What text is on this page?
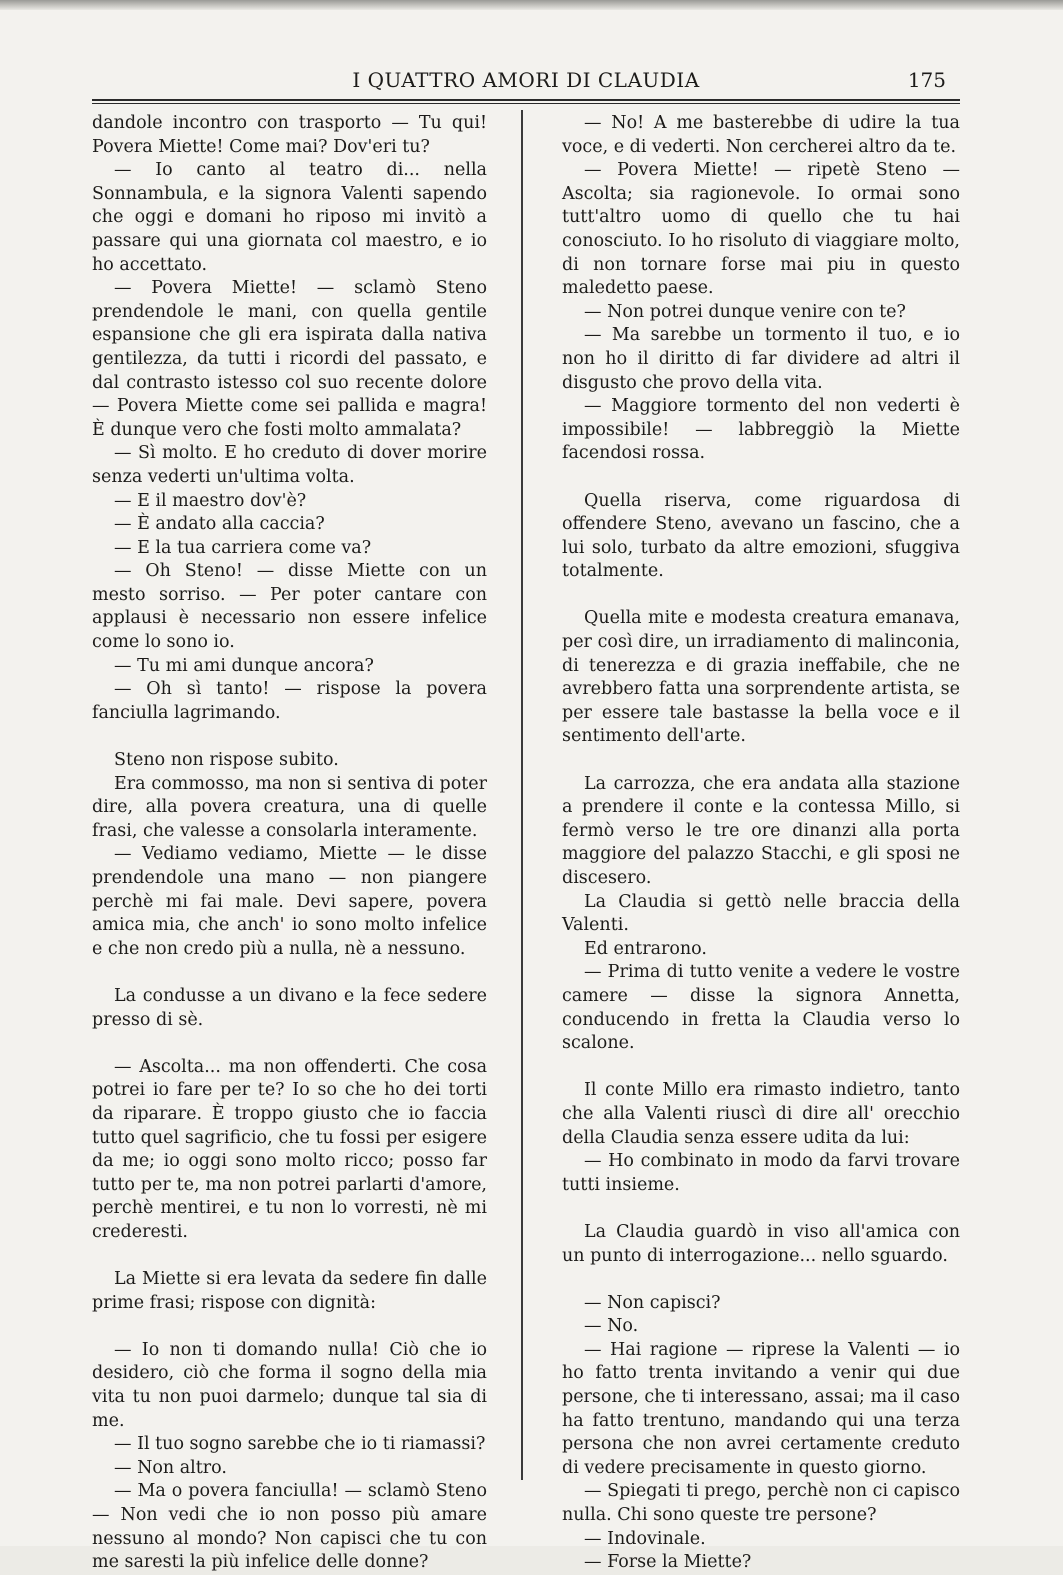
I QUATTRO AMORI DI CLAUDIA	175

dandole incontro con trasporto — Tu qui! Povera Miette! Come mai? Dov'eri tu?

— Io canto al teatro di... nella Sonnambula, e la signora Valenti sapendo che oggi e domani ho riposo mi invitò a passare qui una giornata col maestro, e io ho accettato.

— Povera Miette! — sclamò Steno prendendole le mani, con quella gentile espansione che gli era ispirata dalla nativa gentilezza, da tutti i ricordi del passato, e dal contrasto istesso col suo recente dolore — Povera Miette come sei pallida e magra! È dunque vero che fosti molto ammalata?

— Sì molto. E ho creduto di dover morire senza vederti un'ultima volta.

— E il maestro dov'è?

— È andato alla caccia?

— E la tua carriera come va?

— Oh Steno! — disse Miette con un mesto sorriso. — Per poter cantare con applausi è necessario non essere infelice come lo sono io.

— Tu mi ami dunque ancora?

— Oh sì tanto! — rispose la povera fanciulla lagrimando.

Steno non rispose subito.

Era commosso, ma non si sentiva di poter dire, alla povera creatura, una di quelle frasi, che valesse a consolarla interamente.

— Vediamo vediamo, Miette — le disse prendendole una mano — non piangere perchè mi fai male. Devi sapere, povera amica mia, che anch' io sono molto infelice e che non credo più a nulla, nè a nessuno.

La condusse a un divano e la fece sedere presso di sè.

— Ascolta... ma non offenderti. Che cosa potrei io fare per te? Io so che ho dei torti da riparare. È troppo giusto che io faccia tutto quel sagrificio, che tu fossi per esigere da me; io oggi sono molto ricco; posso far tutto per te, ma non potrei parlarti d'amore, perchè mentirei, e tu non lo vorresti, nè mi crederesti.

La Miette si era levata da sedere fin dalle prime frasi; rispose con dignità:

— Io non ti domando nulla! Ciò che io desidero, ciò che forma il sogno della mia vita tu non puoi darmelo; dunque tal sia di me.

— Il tuo sogno sarebbe che io ti riamassi?

— Non altro.

— Ma o povera fanciulla! — sclamò Steno — Non vedi che io non posso più amare nessuno al mondo? Non capisci che tu con me saresti la più infelice delle donne?

— No! A me basterebbe di udire la tua voce, e di vederti. Non cercherei altro da te.

— Povera Miette! — ripetè Steno — Ascolta; sia ragionevole. Io ormai sono tutt'altro uomo di quello che tu hai conosciuto. Io ho risoluto di viaggiare molto, di non tornare forse mai piu in questo maledetto paese.

— Non potrei dunque venire con te?

— Ma sarebbe un tormento il tuo, e io non ho il diritto di far dividere ad altri il disgusto che provo della vita.

— Maggiore tormento del non vederti è impossibile! — labbreggiò la Miette facendosi rossa.

Quella riserva, come riguardosa di offendere Steno, avevano un fascino, che a lui solo, turbato da altre emozioni, sfuggiva totalmente.

Quella mite e modesta creatura emanava, per così dire, un irradiamento di malinconia, di tenerezza e di grazia ineffabile, che ne avrebbero fatta una sorprendente artista, se per essere tale bastasse la bella voce e il sentimento dell'arte.

La carrozza, che era andata alla stazione a prendere il conte e la contessa Millo, si fermò verso le tre ore dinanzi alla porta maggiore del palazzo Stacchi, e gli sposi ne discesero.

La Claudia si gettò nelle braccia della Valenti.

Ed entrarono.

— Prima di tutto venite a vedere le vostre camere — disse la signora Annetta, conducendo in fretta la Claudia verso lo scalone.

Il conte Millo era rimasto indietro, tanto che alla Valenti riuscì di dire all' orecchio della Claudia senza essere udita da lui:

— Ho combinato in modo da farvi trovare tutti insieme.

La Claudia guardò in viso all'amica con un punto di interrogazione... nello sguardo.

— Non capisci?

— No.

— Hai ragione — riprese la Valenti — io ho fatto trenta invitando a venir qui due persone, che ti interessano, assai; ma il caso ha fatto trentuno, mandando qui una terza persona che non avrei certamente creduto di vedere precisamente in questo giorno.

— Spiegati ti prego, perchè non ci capisco nulla. Chi sono queste tre persone?

— Indovinale.

— Forse la Miette?
